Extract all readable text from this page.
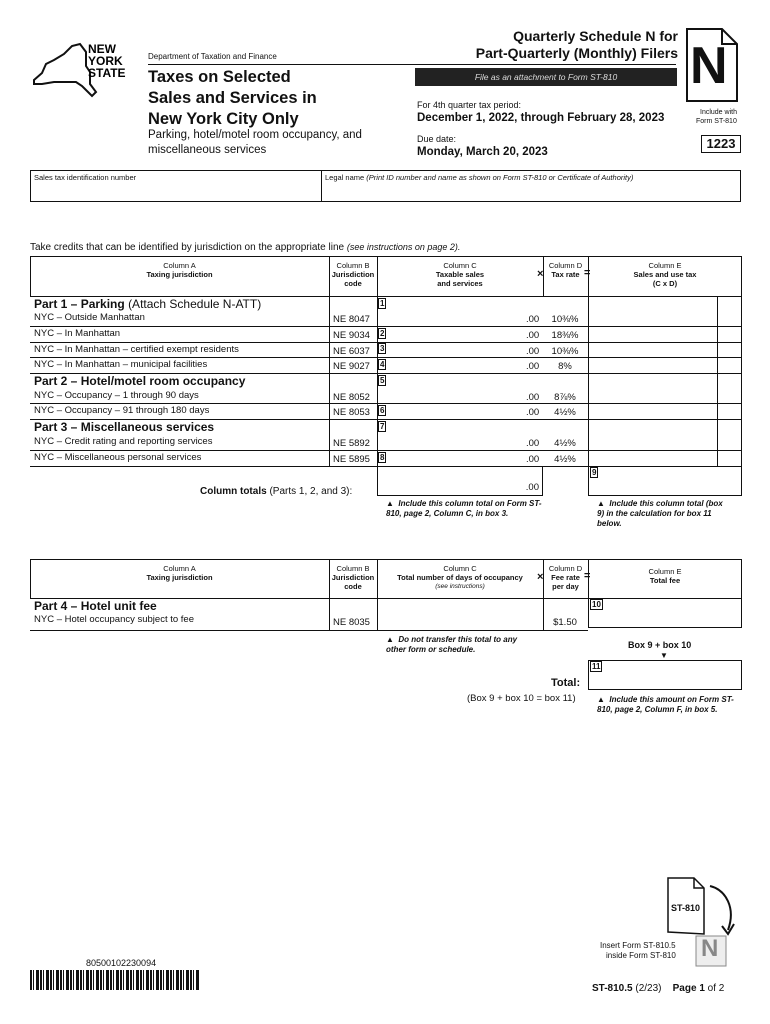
NEW
YORK
STATE
Department of Taxation and Finance
Quarterly Schedule N for
Part-Quarterly (Monthly) Filers
File as an attachment to Form ST-810	N
Include with
Form ST-810
Taxes on Selected
Sales and Services in
New York City Only
Parking, hotel/motel room occupancy, and
miscellaneous services
For 4th quarter tax period:
December 1, 2022, through February 28, 2023
Due date:
Monday, March 20, 2023
1223
Sales tax identification number	Legal name (Print ID number and name as shown on Form ST-810 or Certificate of Authority)
Take credits that can be identified by jurisdiction on the appropriate line (see instructions on page 2).
Column A
Taxing jurisdiction
Column B
Jurisdiction
code
Column C
Taxable sales
and services
Column D
Tax rate
Column E
Sales and use tax
(C x D)
×	=
Part 1 – Parking (Attach Schedule N-ATT)
Part 2 – Hotel/motel room occupancy
Part 3 – Miscellaneous services
NYC – Outside Manhattan	NE 8047	.00	10⅜%
NYC – In Manhattan	NE 9034	.00	18⅜%
NYC – In Manhattan – certified exempt residents	NE 6037	.00	10⅜%
NYC – In Manhattan – municipal facilities	NE 9027	.00	8%
NYC – Occupancy – 1 through 90 days	NE 8052	.00	8⅞%
NYC – Occupancy – 91 through 180 days	NE 8053	.00	4½%
NYC – Credit rating and reporting services	NE 5892	.00	4½%
NYC – Miscellaneous personal services	NE 5895	.00	4½%
1
2
3
4
5
6
7
8
.00
9
Column totals (Parts 1, 2, and 3):
▲ Include this column total on Form ST-810, page 2, Column C, in box 3.
▲ Include this column total (box 9) in the calculation for box 11 below.
Column A
Taxing jurisdiction
Column B
Jurisdiction
code
Column C
Total number of days of occupancy
(see instructions)
Column D
Fee rate
per day
Column E
Total fee
×	=
Part 4 – Hotel unit fee
NYC – Hotel occupancy subject to fee	NE 8035	$1.50
10
▲ Do not transfer this total to any other form or schedule.	Box 9 + box 10
▼
11
Total:
(Box 9 + box 10 = box 11)	▲ Include this amount on Form ST-810, page 2, Column F, in box 5.
ST-810
N
Insert Form ST-810.5
inside Form ST-810
80500102230094
ST-810.5 (2/23) Page 1 of 2
